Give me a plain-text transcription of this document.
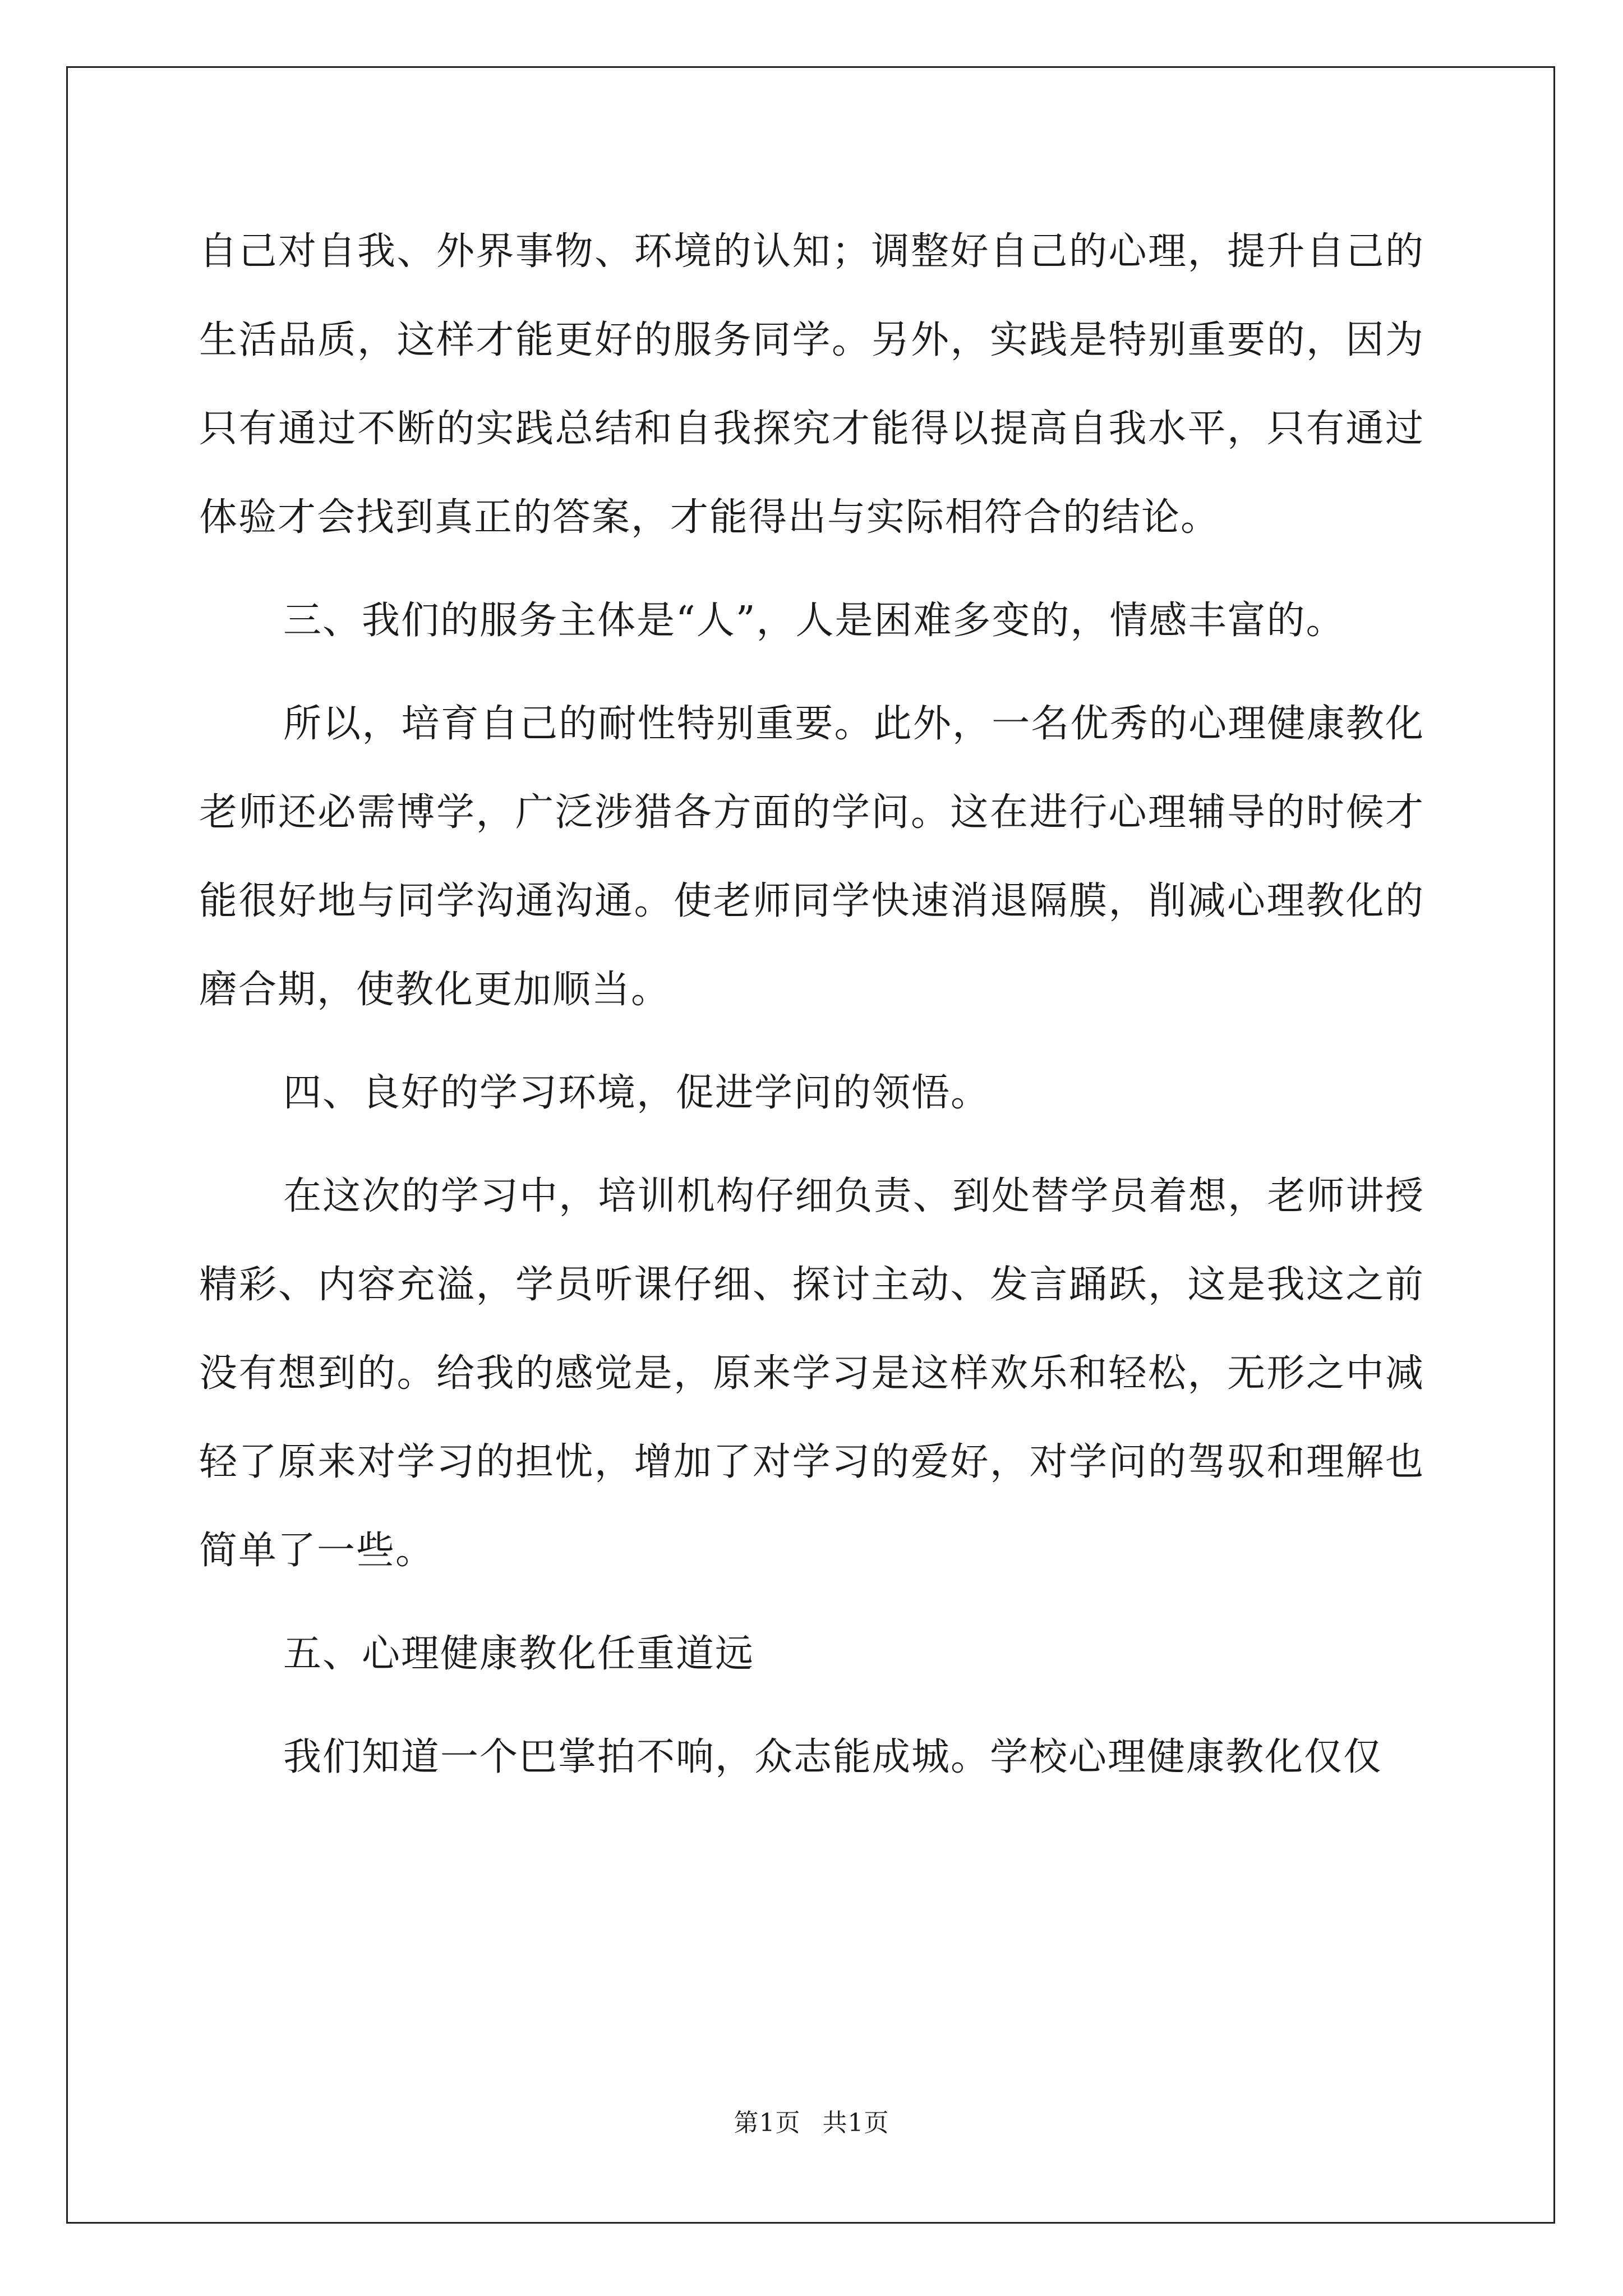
自己对自我、外界事物、环境的认知；调整好自己的心理，提升自己的生活品质，这样才能更好的服务同学。另外，实践是特别重要的，因为只有通过不断的实践总结和自我探究才能得以提高自我水平，只有通过体验才会找到真正的答案，才能得出与实际相符合的结论。

三、我们的服务主体是“人”，人是困难多变的，情感丰富的。

所以，培育自己的耐性特别重要。此外，一名优秀的心理健康教化老师还必需博学，广泛涉猎各方面的学问。这在进行心理辅导的时候才能很好地与同学沟通沟通。使老师同学快速消退隔膜，削减心理教化的磨合期，使教化更加顺当。

四、良好的学习环境，促进学问的领悟。

在这次的学习中，培训机构仔细负责、到处替学员着想，老师讲授精彩、内容充溢，学员听课仔细、探讨主动、发言踊跃，这是我这之前没有想到的。给我的感觉是，原来学习是这样欢乐和轻松，无形之中减轻了原来对学习的担忧，增加了对学习的爱好，对学问的驾驭和理解也简单了一些。

五、心理健康教化任重道远

我们知道一个巴掌拍不响，众志能成城。学校心理健康教化仅仅

第1页 共1页
